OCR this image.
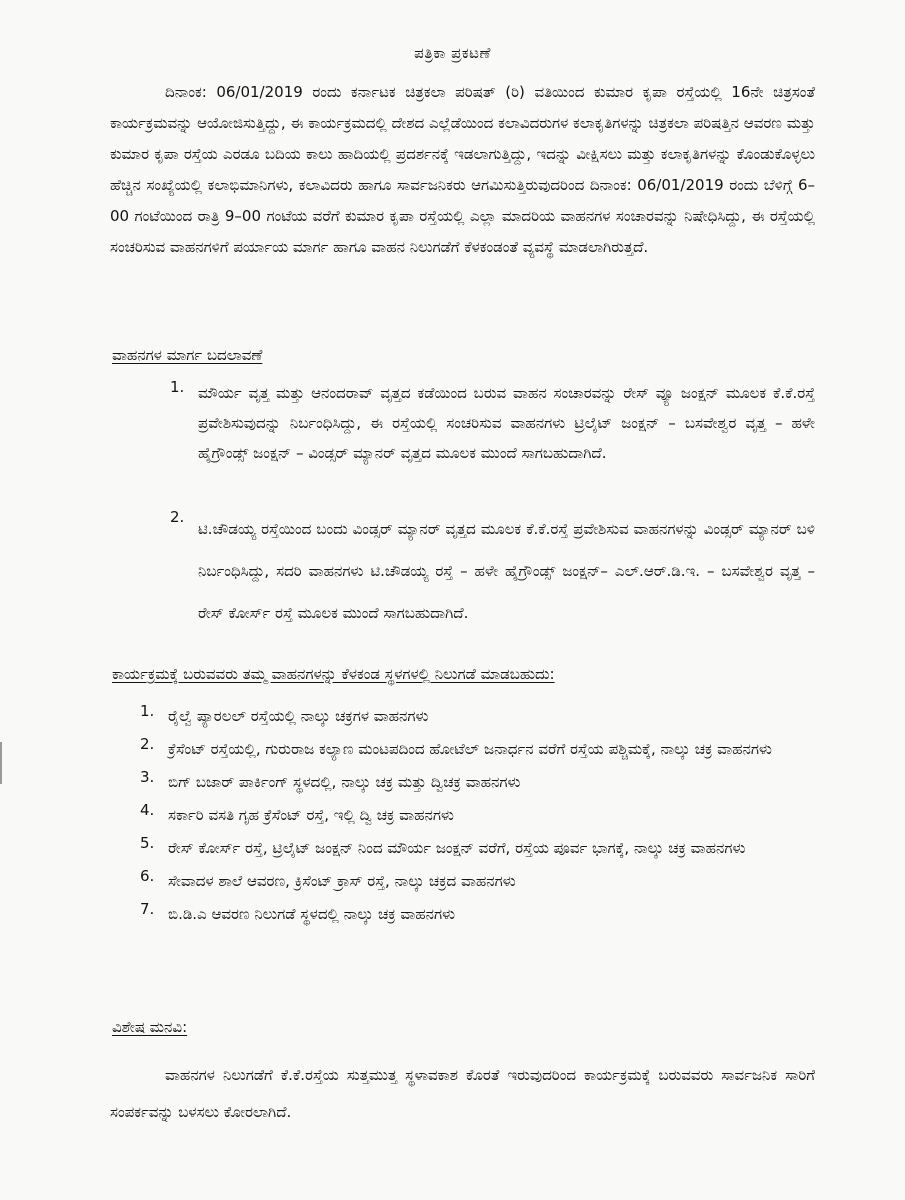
ಪತ್ರಿಕಾ ಪ್ರಕಟಣೆ
ದಿನಾಂಕ: 06/01/2019 ರಂದು ಕರ್ನಾಟಕ ಚಿತ್ರಕಲಾ ಪರಿಷತ್ (ರಿ) ವತಿಯಿಂದ ಕುಮಾರ ಕೃಪಾ ರಸ್ತೆಯಲ್ಲಿ 16ನೇ ಚಿತ್ರಸಂತೆ ಕಾರ್ಯಕ್ರಮವನ್ನು ಆಯೋಜಿಸುತ್ತಿದ್ದು, ಈ ಕಾರ್ಯಕ್ರಮದಲ್ಲಿ ದೇಶದ ಎಲ್ಲೆಡೆಯಿಂದ ಕಲಾವಿದರುಗಳ ಕಲಾಕೃತಿಗಳನ್ನು ಚಿತ್ರಕಲಾ ಪರಿಷತ್ತಿನ ಆವರಣ ಮತ್ತು ಕುಮಾರ ಕೃಪಾ ರಸ್ತೆಯ ಎರಡೂ ಬದಿಯ ಕಾಲು ಹಾದಿಯಲ್ಲಿ ಪ್ರದರ್ಶನಕ್ಕೆ ಇಡಲಾಗುತ್ತಿದ್ದು, ಇದನ್ನು ವೀಕ್ಷಿಸಲು ಮತ್ತು ಕಲಾಕೃತಿಗಳನ್ನು ಕೊಂಡುಕೊಳ್ಳಲು ಹೆಚ್ಚಿನ ಸಂಖ್ಯೆಯಲ್ಲಿ ಕಲಾಭಿಮಾನಿಗಳು, ಕಲಾವಿದರು ಹಾಗೂ ಸಾರ್ವಜನಿಕರು ಆಗಮಿಸುತ್ತಿರುವುದರಿಂದ ದಿನಾಂಕ: 06/01/2019 ರಂದು ಬೆಳಿಗ್ಗೆ 6–00 ಗಂಟೆಯಿಂದ ರಾತ್ರಿ 9–00 ಗಂಟೆಯ ವರೆಗೆ ಕುಮಾರ ಕೃಪಾ ರಸ್ತೆಯಲ್ಲಿ ಎಲ್ಲಾ ಮಾದರಿಯ ವಾಹನಗಳ ಸಂಚಾರವನ್ನು ನಿಷೇಧಿಸಿದ್ದು, ಈ ರಸ್ತೆಯಲ್ಲಿ ಸಂಚರಿಸುವ ವಾಹನಗಳಿಗೆ ಪರ್ಯಾಯ ಮಾರ್ಗ ಹಾಗೂ ವಾಹನ ನಿಲುಗಡೆಗೆ ಕೆಳಕಂಡಂತೆ ವ್ಯವಸ್ಥೆ ಮಾಡಲಾಗಿರುತ್ತದೆ.
ವಾಹನಗಳ ಮಾರ್ಗ ಬದಲಾವಣೆ
1. ಮೌರ್ಯ ವೃತ್ತ ಮತ್ತು ಆನಂದರಾವ್ ವೃತ್ತದ ಕಡೆಯಿಂದ ಬರುವ ವಾಹನ ಸಂಚಾರವನ್ನು ರೇಸ್ ವ್ಯೂ ಜಂಕ್ಷನ್ ಮೂಲಕ ಕೆ.ಕೆ.ರಸ್ತೆ ಪ್ರವೇಶಿಸುವುದನ್ನು ನಿರ್ಬಂಧಿಸಿದ್ದು, ಈ ರಸ್ತೆಯಲ್ಲಿ ಸಂಚರಿಸುವ ವಾಹನಗಳು ಟ್ರಿಲೈಟ್ ಜಂಕ್ಷನ್ – ಬಸವೇಶ್ವರ ವೃತ್ತ – ಹಳೇ ಹೈಗ್ರೌಂಡ್ಸ್ ಜಂಕ್ಷನ್ – ವಿಂಡ್ಸರ್ ಮ್ಯಾನರ್ ವೃತ್ತದ ಮೂಲಕ ಮುಂದೆ ಸಾಗಬಹುದಾಗಿದೆ.
2.
ಟಿ.ಚೌಡಯ್ಯ ರಸ್ತೆಯಿಂದ ಬಂದು ವಿಂಡ್ಸರ್ ಮ್ಯಾನರ್ ವೃತ್ತದ ಮೂಲಕ ಕೆ.ಕೆ.ರಸ್ತೆ ಪ್ರವೇಶಿಸುವ ವಾಹನಗಳನ್ನು ವಿಂಡ್ಸರ್ ಮ್ಯಾನರ್ ಬಳಿ ನಿರ್ಬಂಧಿಸಿದ್ದು, ಸದರಿ ವಾಹನಗಳು ಟಿ.ಚೌಡಯ್ಯ ರಸ್ತೆ – ಹಳೇ ಹೈಗ್ರೌಂಡ್ಸ್ ಜಂಕ್ಷನ್– ಎಲ್.ಆರ್.ಡಿ.ಇ. – ಬಸವೇಶ್ವರ ವೃತ್ತ – ರೇಸ್ ಕೋರ್ಸ್ ರಸ್ತೆ ಮೂಲಕ ಮುಂದೆ ಸಾಗಬಹುದಾಗಿದೆ.
ಕಾರ್ಯಕ್ರಮಕ್ಕೆ ಬರುವವರು ತಮ್ಮ ವಾಹನಗಳನ್ನು ಕೆಳಕಂಡ ಸ್ಥಳಗಳಲ್ಲಿ ನಿಲುಗಡೆ ಮಾಡಬಹುದು:
1. ರೈಲ್ವೆ ಪ್ಯಾರಲಲ್ ರಸ್ತೆಯಲ್ಲಿ ನಾಲ್ಕು ಚಕ್ರಗಳ ವಾಹನಗಳು
2. ಕ್ರೆಸೆಂಟ್ ರಸ್ತೆಯಲ್ಲಿ, ಗುರುರಾಜ ಕಲ್ಯಾಣ ಮಂಟಪದಿಂದ ಹೋಟೆಲ್ ಜನಾರ್ಧನ ವರೆಗೆ ರಸ್ತೆಯ ಪಶ್ಚಿಮಕ್ಕೆ, ನಾಲ್ಕು ಚಕ್ರ ವಾಹನಗಳು
3. ಬಿಗ್ ಬಜಾರ್ ಪಾರ್ಕಿಂಗ್ ಸ್ಥಳದಲ್ಲಿ, ನಾಲ್ಕು ಚಕ್ರ ಮತ್ತು ದ್ವಿಚಕ್ರ ವಾಹನಗಳು
4. ಸರ್ಕಾರಿ ವಸತಿ ಗೃಹ ಕ್ರೆಸೆಂಟ್ ರಸ್ತೆ, ಇಲ್ಲಿ ದ್ವಿ ಚಕ್ರ ವಾಹನಗಳು
5. ರೇಸ್ ಕೋರ್ಸ್ ರಸ್ತೆ, ಟ್ರಿಲೈಟ್ ಜಂಕ್ಷನ್ ನಿಂದ ಮೌರ್ಯ ಜಂಕ್ಷನ್ ವರೆಗೆ, ರಸ್ತೆಯ ಪೂರ್ವ ಭಾಗಕ್ಕೆ, ನಾಲ್ಕು ಚಕ್ರ ವಾಹನಗಳು
6. ಸೇವಾದಳ ಶಾಲೆ ಆವರಣ, ಕ್ರಿಸೆಂಟ್ ಕ್ರಾಸ್ ರಸ್ತೆ, ನಾಲ್ಕು ಚಕ್ರದ ವಾಹನಗಳು
7. ಬಿ.ಡಿ.ಎ ಆವರಣ ನಿಲುಗಡೆ ಸ್ಥಳದಲ್ಲಿ ನಾಲ್ಕು ಚಕ್ರ ವಾಹನಗಳು
ವಿಶೇಷ ಮನವಿ:
ವಾಹನಗಳ ನಿಲುಗಡೆಗೆ ಕೆ.ಕೆ.ರಸ್ತೆಯ ಸುತ್ತಮುತ್ತ ಸ್ಥಳಾವಕಾಶ ಕೊರತೆ ಇರುವುದರಿಂದ ಕಾರ್ಯಕ್ರಮಕ್ಕೆ ಬರುವವರು ಸಾರ್ವಜನಿಕ ಸಾರಿಗೆ ಸಂಪರ್ಕವನ್ನು ಬಳಸಲು ಕೋರಲಾಗಿದೆ.
